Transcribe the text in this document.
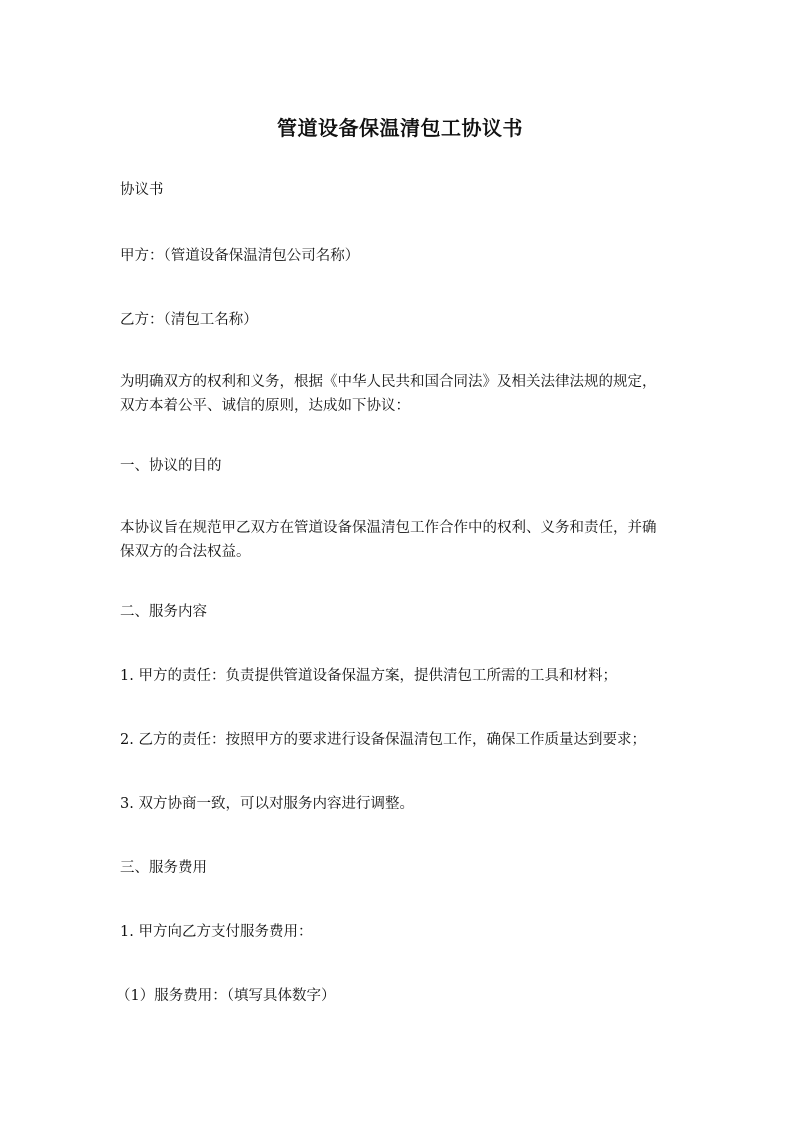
管道设备保温清包工协议书
协议书
甲方：（管道设备保温清包公司名称）
乙方：（清包工名称）
为明确双方的权利和义务，根据《中华人民共和国合同法》及相关法律法规的规定，
双方本着公平、诚信的原则，达成如下协议：
一、协议的目的
本协议旨在规范甲乙双方在管道设备保温清包工作合作中的权利、义务和责任，并确
保双方的合法权益。
二、服务内容
1. 甲方的责任：负责提供管道设备保温方案，提供清包工所需的工具和材料；
2. 乙方的责任：按照甲方的要求进行设备保温清包工作，确保工作质量达到要求；
3. 双方协商一致，可以对服务内容进行调整。
三、服务费用
1. 甲方向乙方支付服务费用：
（1）服务费用：（填写具体数字）
